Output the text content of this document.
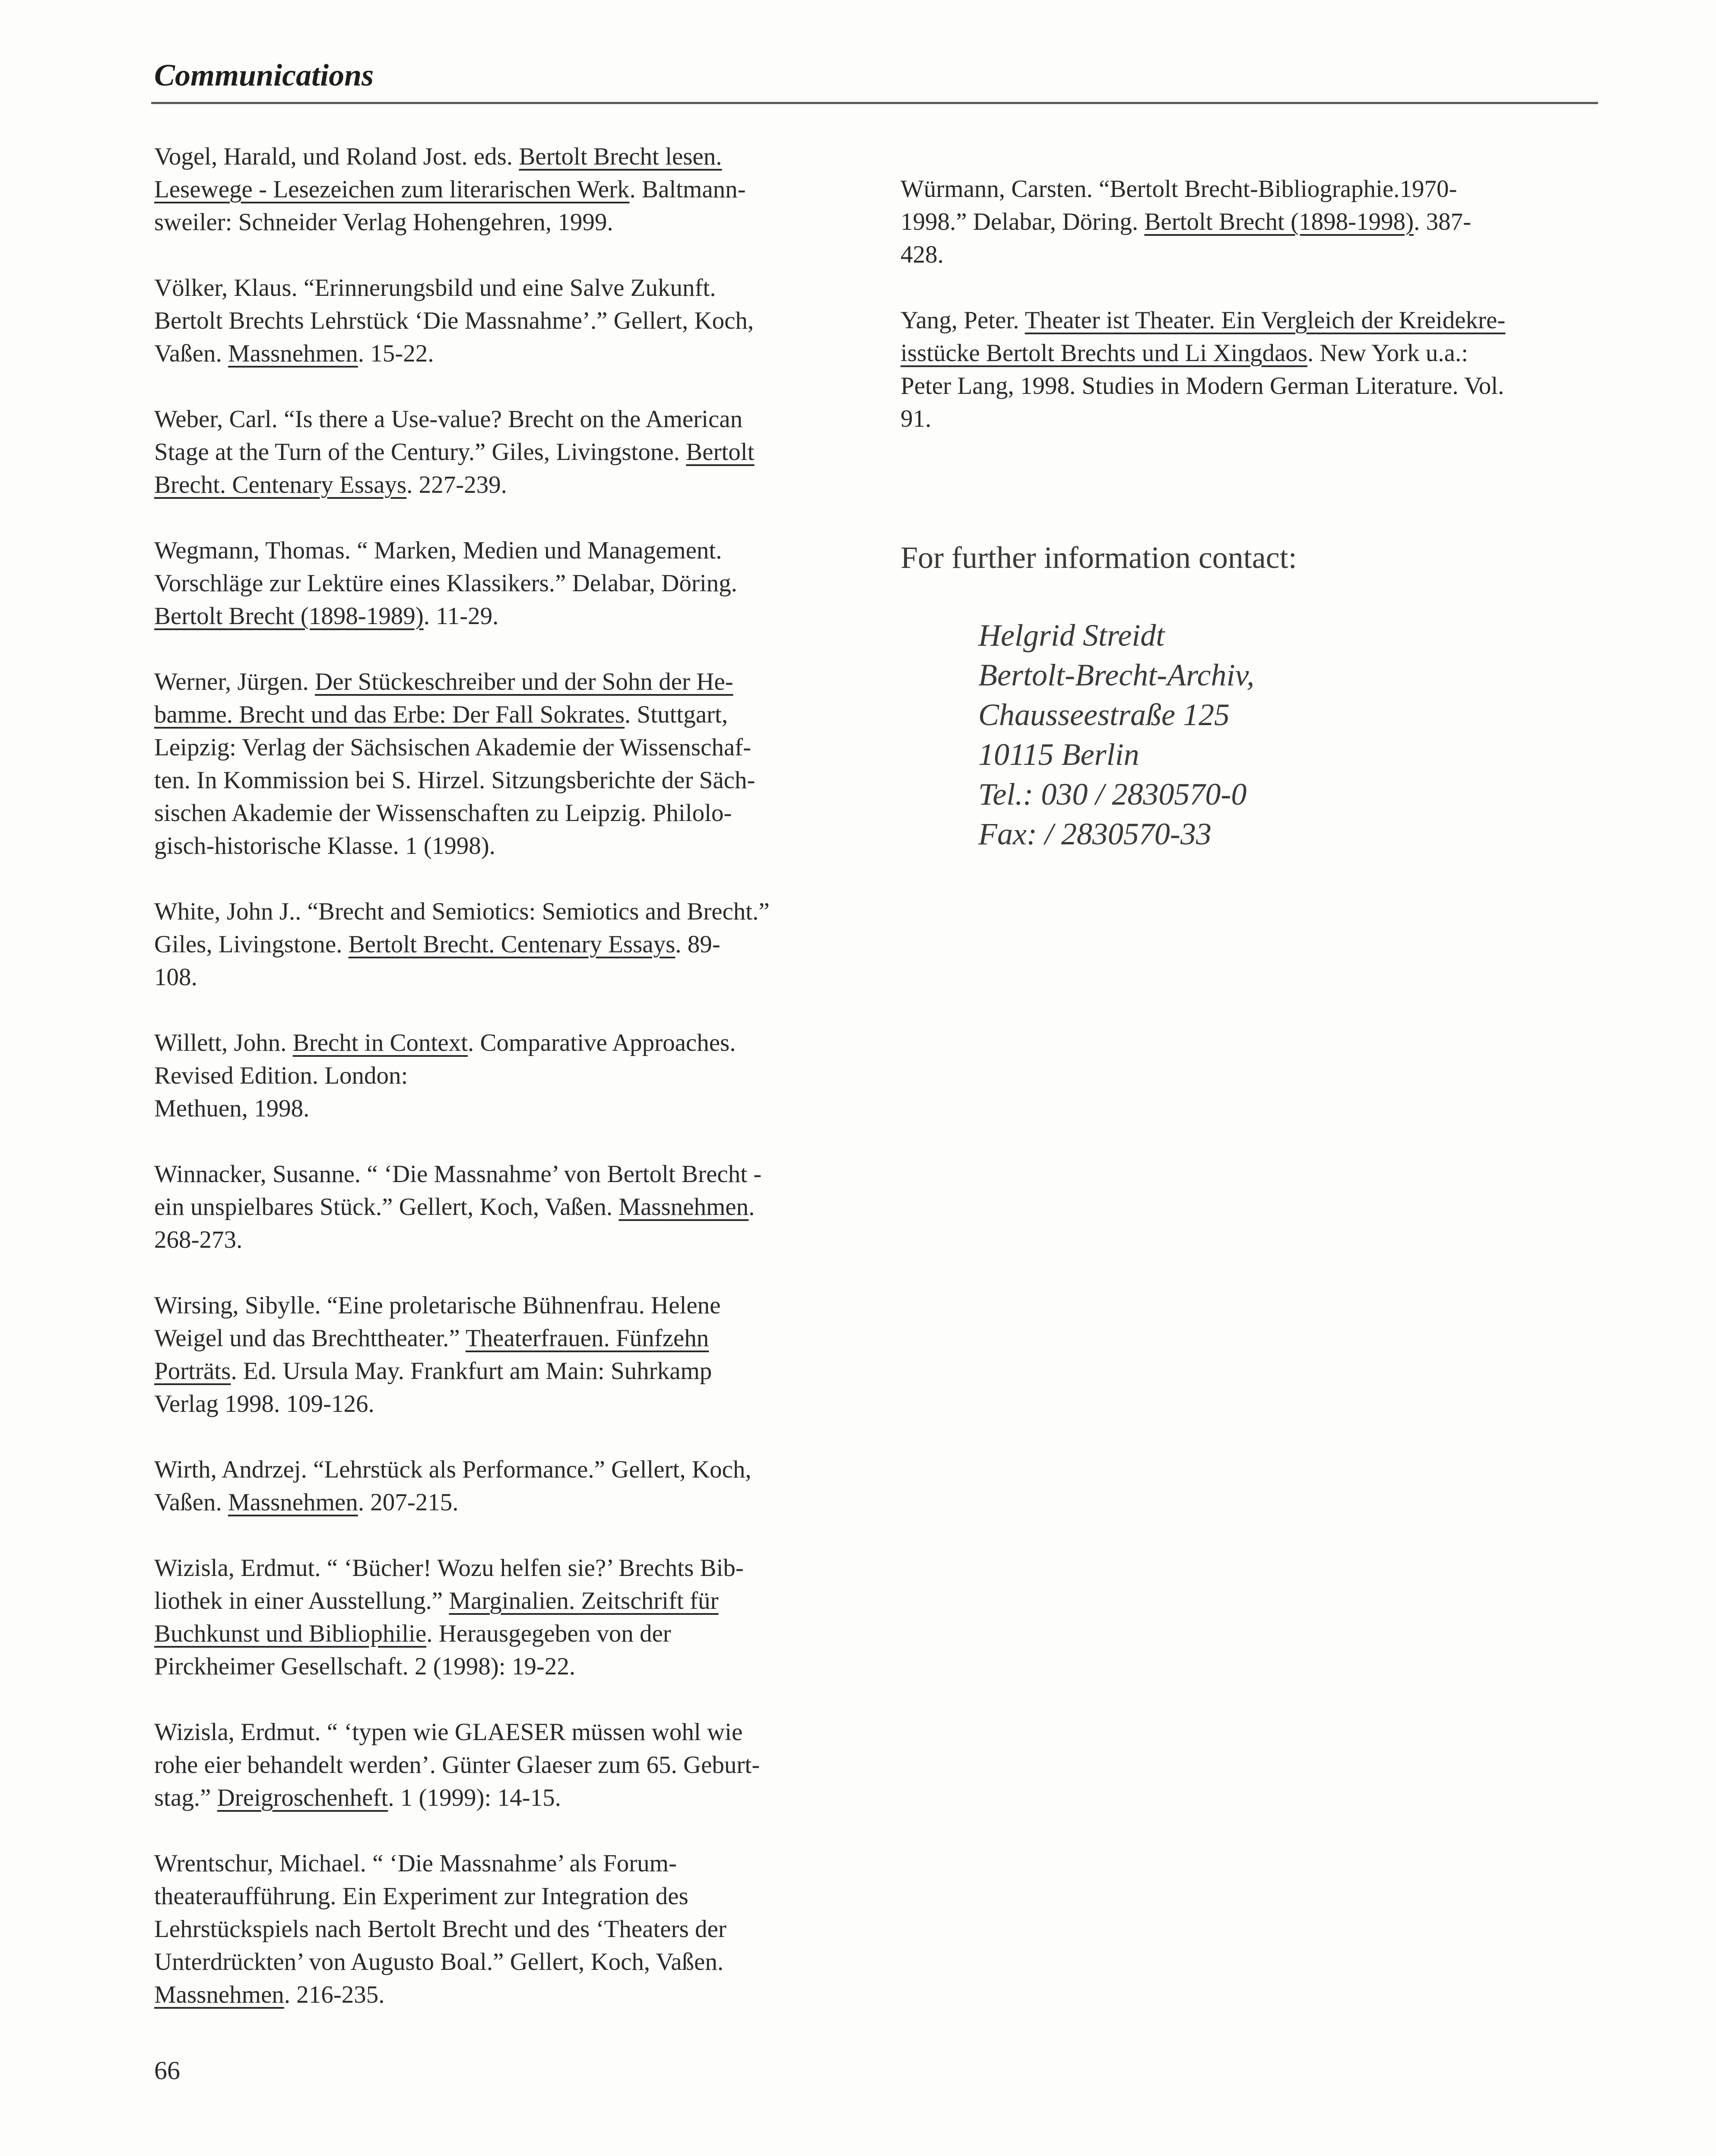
Communications

Vogel, Harald, und Roland Jost. eds. Bertolt Brecht lesen.
Lesewege - Lesezeichen zum literarischen Werk. Baltmann-
sweiler: Schneider Verlag Hohengehren, 1999.

Völker, Klaus. “Erinnerungsbild und eine Salve Zukunft.
Bertolt Brechts Lehrstück ‘Die Massnahme’.” Gellert, Koch,
Vaßen. Massnehmen. 15-22.

Weber, Carl. “Is there a Use-value? Brecht on the American
Stage at the Turn of the Century.” Giles, Livingstone. Bertolt
Brecht. Centenary Essays. 227-239.

Wegmann, Thomas. “ Marken, Medien und Management.
Vorschläge zur Lektüre eines Klassikers.” Delabar, Döring.
Bertolt Brecht (1898-1989). 11-29.

Werner, Jürgen. Der Stückeschreiber und der Sohn der He-
bamme. Brecht und das Erbe: Der Fall Sokrates. Stuttgart,
Leipzig: Verlag der Sächsischen Akademie der Wissenschaf-
ten. In Kommission bei S. Hirzel. Sitzungsberichte der Säch-
sischen Akademie der Wissenschaften zu Leipzig. Philolo-
gisch-historische Klasse. 1 (1998).

White, John J.. “Brecht and Semiotics: Semiotics and Brecht.”
Giles, Livingstone. Bertolt Brecht. Centenary Essays. 89-
108.

Willett, John. Brecht in Context. Comparative Approaches.
Revised Edition. London:
Methuen, 1998.

Winnacker, Susanne. “ ‘Die Massnahme’ von Bertolt Brecht -
ein unspielbares Stück.” Gellert, Koch, Vaßen. Massnehmen.
268-273.

Wirsing, Sibylle. “Eine proletarische Bühnenfrau. Helene
Weigel und das Brechttheater.” Theaterfrauen. Fünfzehn
Porträts. Ed. Ursula May. Frankfurt am Main: Suhrkamp
Verlag 1998. 109-126.

Wirth, Andrzej. “Lehrstück als Performance.” Gellert, Koch,
Vaßen. Massnehmen. 207-215.

Wizisla, Erdmut. “ ‘Bücher! Wozu helfen sie?’ Brechts Bib-
liothek in einer Ausstellung.” Marginalien. Zeitschrift für
Buchkunst und Bibliophilie. Herausgegeben von der
Pirckheimer Gesellschaft. 2 (1998): 19-22.

Wizisla, Erdmut. “ ‘typen wie GLAESER müssen wohl wie
rohe eier behandelt werden’. Günter Glaeser zum 65. Geburt-
stag.” Dreigroschenheft. 1 (1999): 14-15.

Wrentschur, Michael. “ ‘Die Massnahme’ als Forum-
theateraufführung. Ein Experiment zur Integration des
Lehrstückspiels nach Bertolt Brecht und des ‘Theaters der
Unterdrückten’ von Augusto Boal.” Gellert, Koch, Vaßen.
Massnehmen. 216-235.

Würmann, Carsten. “Bertolt Brecht-Bibliographie.1970-
1998.” Delabar, Döring. Bertolt Brecht (1898-1998). 387-
428.

Yang, Peter. Theater ist Theater. Ein Vergleich der Kreidekre-
isstücke Bertolt Brechts und Li Xingdaos. New York u.a.:
Peter Lang, 1998. Studies in Modern German Literature. Vol.
91.

For further information contact:

Helgrid Streidt
Bertolt-Brecht-Archiv,
Chausseestraße 125
10115 Berlin
Tel.: 030 / 2830570-0
Fax: / 2830570-33
66
